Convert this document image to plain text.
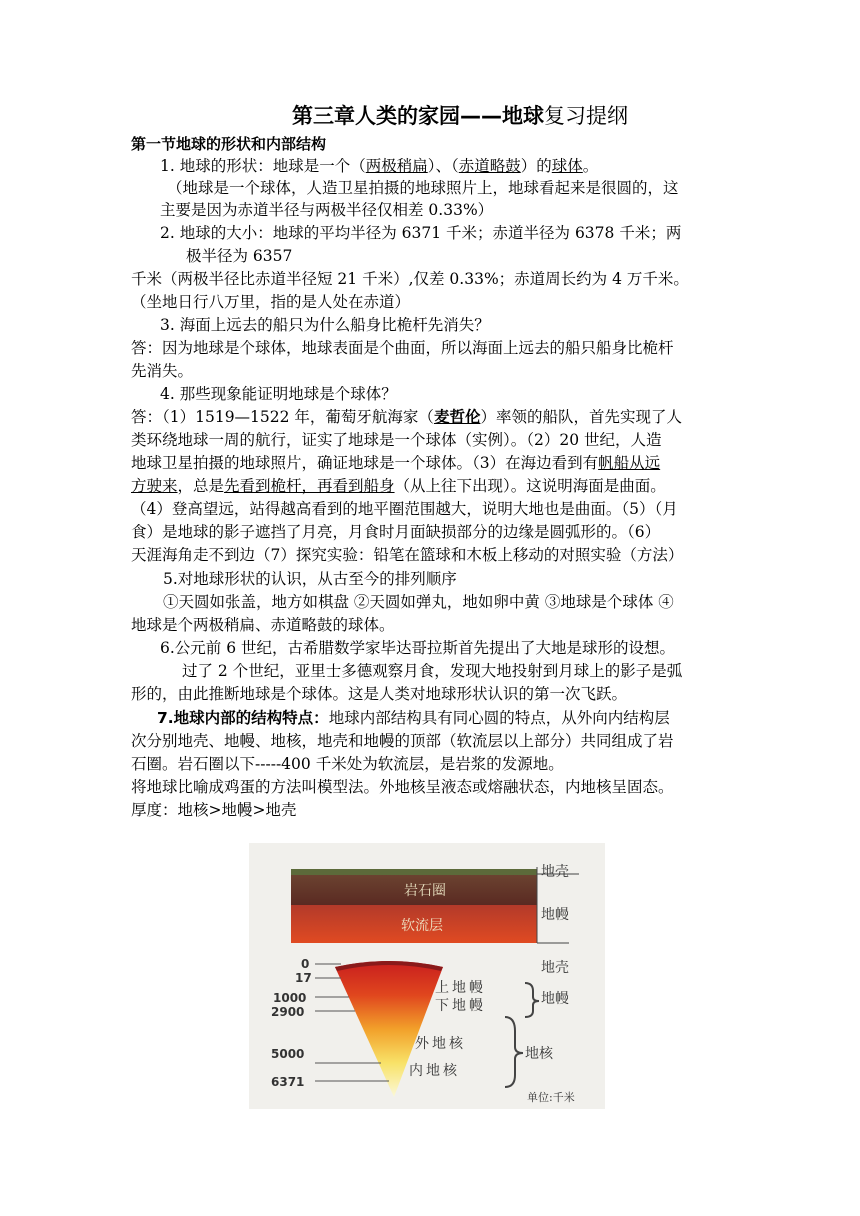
第三章人类的家园——地球复习提纲
第一节地球的形状和内部结构
1. 地球的形状：地球是一个（两极稍扁）、（赤道略鼓）的球体。
（地球是一个球体，人造卫星拍摄的地球照片上，地球看起来是很圆的，这
主要是因为赤道半径与两极半径仅相差 0.33%）
2. 地球的大小：地球的平均半径为 6371 千米；赤道半径为 6378 千米；两
极半径为 6357
千米（两极半径比赤道半径短 21 千米）,仅差 0.33%；赤道周长约为 4 万千米。
（坐地日行八万里，指的是人处在赤道）
3. 海面上远去的船只为什么船身比桅杆先消失？
答：因为地球是个球体，地球表面是个曲面，所以海面上远去的船只船身比桅杆
先消失。
4. 那些现象能证明地球是个球体？
答：（1）1519—1522 年，葡萄牙航海家（麦哲伦）率领的船队，首先实现了人
类环绕地球一周的航行，证实了地球是一个球体（实例）。（2）20 世纪，人造
地球卫星拍摄的地球照片，确证地球是一个球体。（3）在海边看到有帆船从远
方驶来，总是先看到桅杆，再看到船身（从上往下出现）。这说明海面是曲面。
（4）登高望远，站得越高看到的地平圈范围越大，说明大地也是曲面。（5）（月
食）是地球的影子遮挡了月亮，月食时月面缺损部分的边缘是圆弧形的。（6）
天涯海角走不到边（7）探究实验：铅笔在篮球和木板上移动的对照实验（方法）
5.对地球形状的认识，从古至今的排列顺序
①天圆如张盖，地方如棋盘 ②天圆如弹丸，地如卵中黄 ③地球是个球体 ④
地球是个两极稍扁、赤道略鼓的球体。
6.公元前 6 世纪，古希腊数学家毕达哥拉斯首先提出了大地是球形的设想。
过了 2 个世纪，亚里士多德观察月食，发现大地投射到月球上的影子是弧
形的，由此推断地球是个球体。这是人类对地球形状认识的第一次飞跃。
7.地球内部的结构特点：地球内部结构具有同心圆的特点，从外向内结构层
次分别地壳、地幔、地核，地壳和地幔的顶部（软流层以上部分）共同组成了岩
石圈。岩石圈以下-----400 千米处为软流层，是岩浆的发源地。
将地球比喻成鸡蛋的方法叫模型法。外地核呈液态或熔融状态，内地核呈固态。
厚度：地核>地幔>地壳
岩石圈
软流层
地壳
地幔
0
17
1000
2900
5000
6371
上地幔
下地幔
外地核
内地核
地壳
地幔
地核
单位:千米
